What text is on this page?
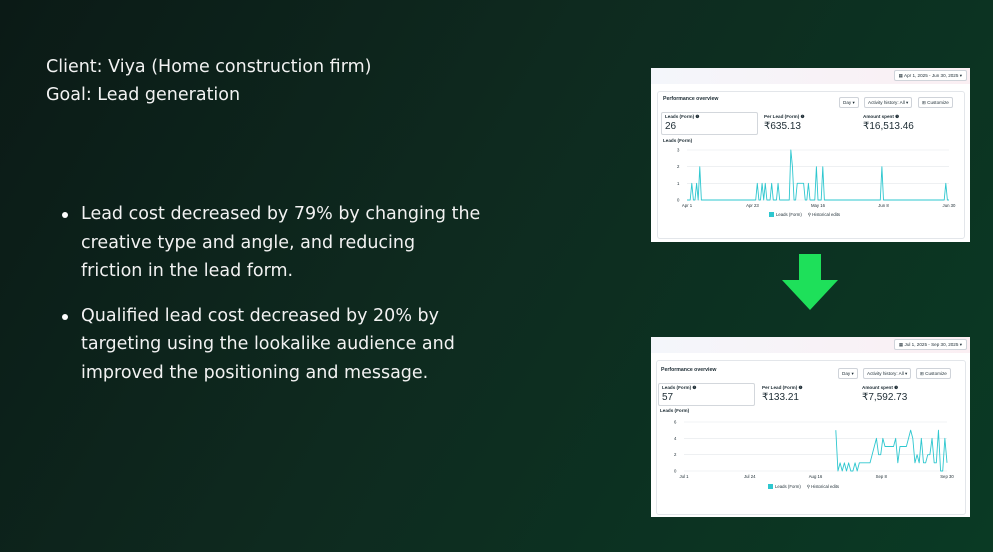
Client: Viya (Home construction firm)
Goal: Lead generation
Lead cost decreased by 79% by changing the
creative type and angle, and reducing
friction in the lead form.
Qualified lead cost decreased by 20% by
targeting using the lookalike audience and
improved the positioning and message.
▦ Apr 1, 2025 - Jun 30, 2025 ▾
Performance overview
Day ▾	Activity history: All ▾	⊞ Customize
Leads (Form) ❶
26
Per Lead (Form) ❶
₹635.13
Amount spent ❶
₹16,513.46
Leads (Form)
0
1
2
3
Apr 1	Apr 23	May 16	Jun 8	Jun 30
Leads (Form) ⚲ Historical edits
▦ Jul 1, 2025 - Sep 30, 2025 ▾
Performance overview
Day ▾	Activity history: All ▾	⊞ Customize
Leads (Form) ❶
57
Per Lead (Form) ❶
₹133.21
Amount spent ❶
₹7,592.73
Leads (Form)
0
2
4
6
Jul 1	Jul 24	Aug 16	Sep 8	Sep 30
Leads (Form) ⚲ Historical edits
